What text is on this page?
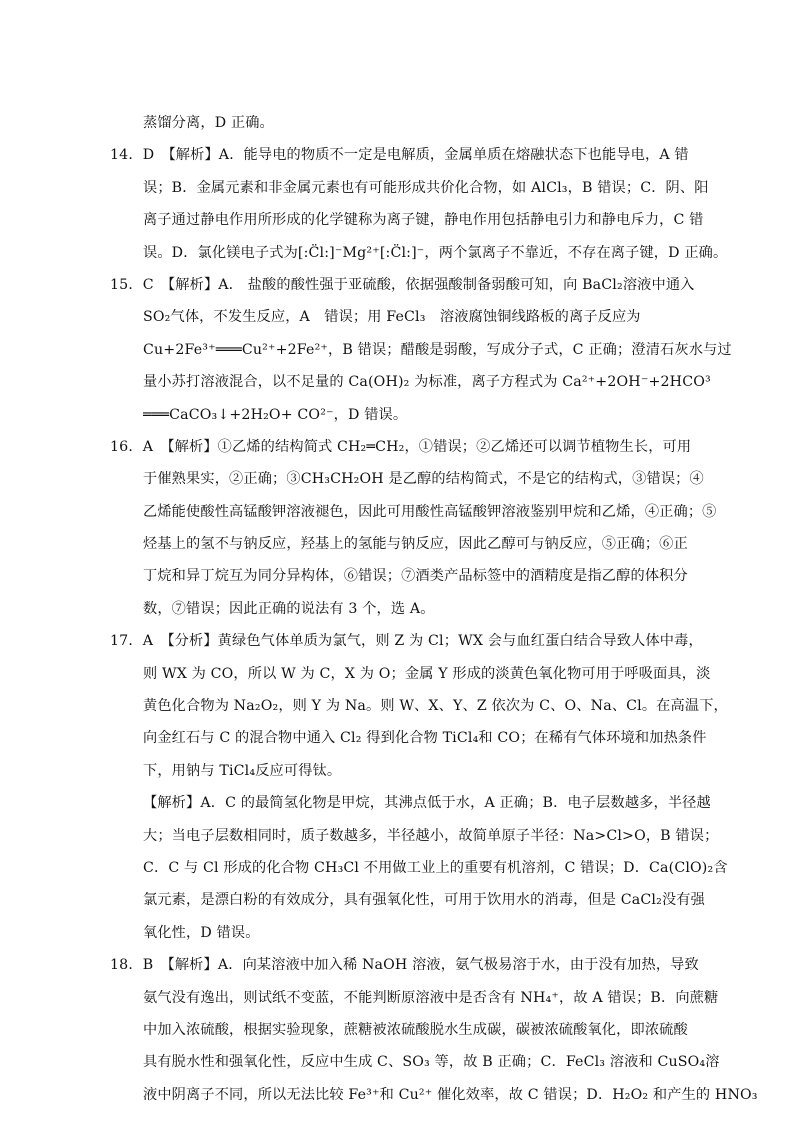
蒸馏分离，D 正确。
14．D　【解析】A．能导电的物质不一定是电解质，金属单质在熔融状态下也能导电，A 错
误；B．金属元素和非金属元素也有可能形成共价化合物，如 AlCl₃，B 错误；C．阴、阳
离子通过静电作用所形成的化学键称为离子键，静电作用包括静电引力和静电斥力，C 错
误。D．氯化镁电子式为[:C̈l:]⁻Mg²⁺[:C̈l:]⁻，两个氯离子不靠近，不存在离子键，D 正确。
15．C　【解析】A． 盐酸的酸性强于亚硫酸，依据强酸制备弱酸可知，向 BaCl₂溶液中通入
SO₂气体，不发生反应，A　错误；用 FeCl₃　溶液腐蚀铜线路板的离子反应为
Cu+2Fe³⁺═══Cu²⁺+2Fe²⁺，B 错误；醋酸是弱酸，写成分子式，C 正确；澄清石灰水与过
量小苏打溶液混合，以不足量的 Ca(OH)₂ 为标准，离子方程式为 Ca²⁺+2OH⁻+2HCO³
═══CaCO₃↓+2H₂O+ CO²⁻，D 错误。
16．A　【解析】①乙烯的结构简式 CH₂═CH₂，①错误；②乙烯还可以调节植物生长，可用
于催熟果实，②正确；③CH₃CH₂OH 是乙醇的结构简式，不是它的结构式，③错误；④
乙烯能使酸性高锰酸钾溶液褪色，因此可用酸性高锰酸钾溶液鉴别甲烷和乙烯，④正确；⑤
烃基上的氢不与钠反应，羟基上的氢能与钠反应，因此乙醇可与钠反应，⑤正确；⑥正
丁烷和异丁烷互为同分异构体，⑥错误；⑦酒类产品标签中的酒精度是指乙醇的体积分
数，⑦错误；因此正确的说法有 3 个，选 A。
17．A　【分析】黄绿色气体单质为氯气，则 Z 为 Cl；WX 会与血红蛋白结合导致人体中毒，
则 WX 为 CO，所以 W 为 C，X 为 O；金属 Y 形成的淡黄色氧化物可用于呼吸面具，淡
黄色化合物为 Na₂O₂，则 Y 为 Na。则 W、X、Y、Z 依次为 C、O、Na、Cl。在高温下，
向金红石与 C 的混合物中通入 Cl₂ 得到化合物 TiCl₄和 CO；在稀有气体环境和加热条件
下，用钠与 TiCl₄反应可得钛。
【解析】A．C 的最简氢化物是甲烷，其沸点低于水，A 正确；B．电子层数越多，半径越
大；当电子层数相同时，质子数越多，半径越小，故简单原子半径：Na>Cl>O，B 错误；
C．C 与 Cl 形成的化合物 CH₃Cl 不用做工业上的重要有机溶剂，C 错误；D．Ca(ClO)₂含
氯元素，是漂白粉的有效成分，具有强氧化性，可用于饮用水的消毒，但是 CaCl₂没有强
氧化性，D 错误。
18．B　【解析】A．向某溶液中加入稀 NaOH 溶液，氨气极易溶于水，由于没有加热，导致
氨气没有逸出，则试纸不变蓝，不能判断原溶液中是否含有 NH₄⁺，故 A 错误；B．向蔗糖
中加入浓硫酸，根据实验现象，蔗糖被浓硫酸脱水生成碳，碳被浓硫酸氧化，即浓硫酸
具有脱水性和强氧化性，反应中生成 C、SO₃ 等，故 B 正确；C．FeCl₃ 溶液和 CuSO₄溶
液中阴离子不同，所以无法比较 Fe³⁺和 Cu²⁺ 催化效率，故 C 错误；D．H₂O₂ 和产生的 HNO₃
